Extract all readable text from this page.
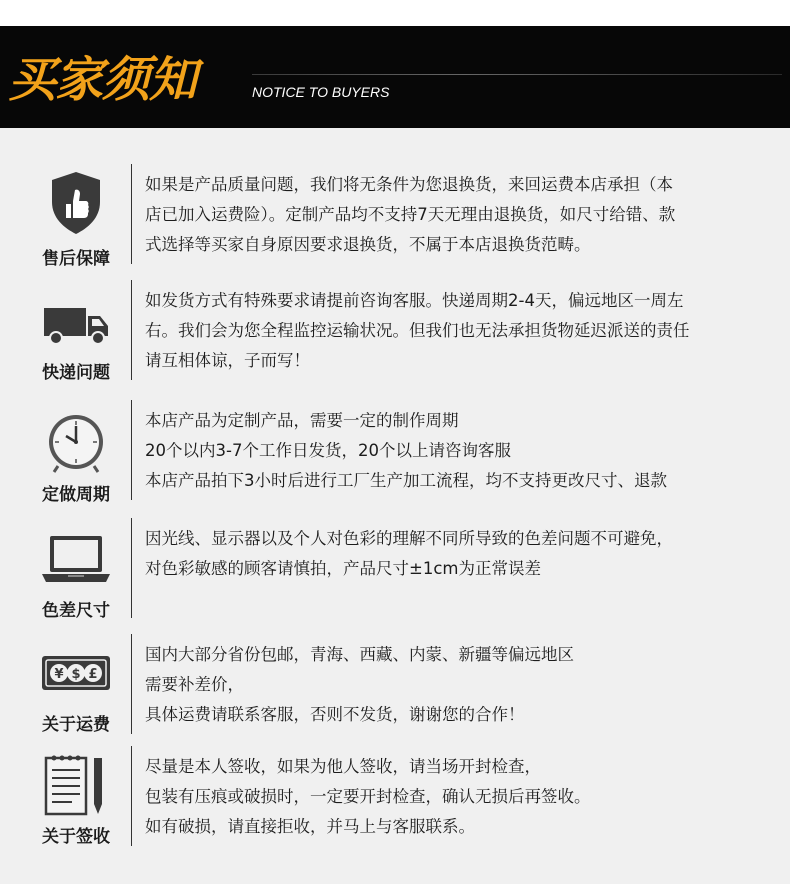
买家须知	NOTICE TO BUYERS
售后保障
如果是产品质量问题，我们将无条件为您退换货，来回运费本店承担（本
店已加入运费险）。定制产品均不支持7天无理由退换货，如尺寸给错、款
式选择等买家自身原因要求退换货，不属于本店退换货范畴。
快递问题
如发货方式有特殊要求请提前咨询客服。快递周期2-4天，偏远地区一周左
右。我们会为您全程监控运输状况。但我们也无法承担货物延迟派送的责任
请互相体谅，子而写！
定做周期
本店产品为定制产品，需要一定的制作周期
20个以内3-7个工作日发货，20个以上请咨询客服
本店产品拍下3小时后进行工厂生产加工流程，均不支持更改尺寸、退款
色差尺寸
因光线、显示器以及个人对色彩的理解不同所导致的色差问题不可避免，
对色彩敏感的顾客请慎拍，产品尺寸±1cm为正常误差
¥ $ £
关于运费
国内大部分省份包邮，青海、西藏、内蒙、新疆等偏远地区
需要补差价，
具体运费请联系客服，否则不发货，谢谢您的合作！
关于签收
尽量是本人签收，如果为他人签收，请当场开封检查，
包装有压痕或破损时，一定要开封检查，确认无损后再签收。
如有破损，请直接拒收，并马上与客服联系。
